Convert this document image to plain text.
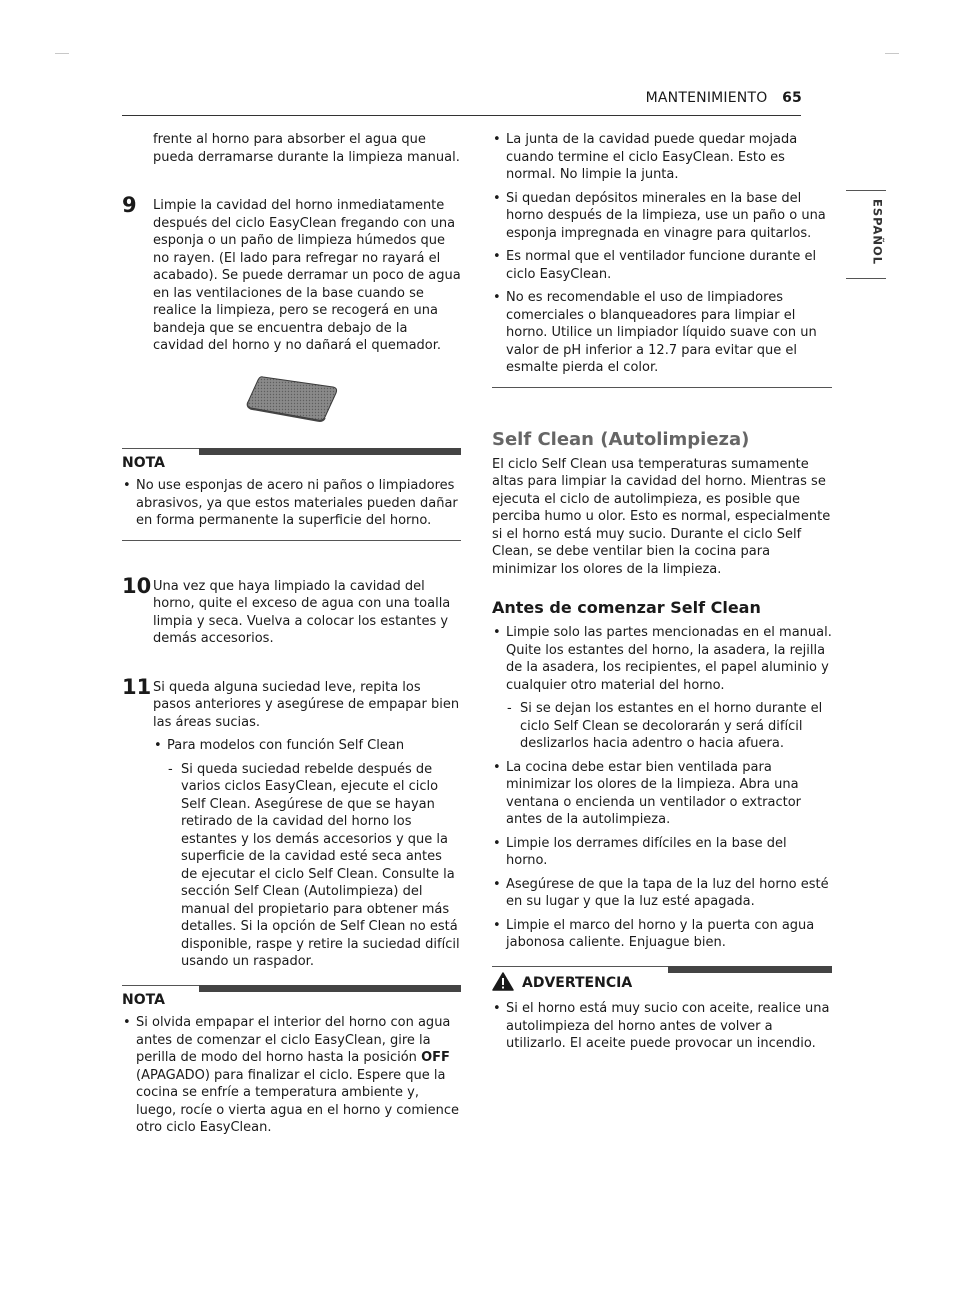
MANTENIMIENTO 65
ESPAÑOL

frente al horno para absorber el agua que pueda derramarse durante la limpieza manual.

9 Limpie la cavidad del horno inmediatamente después del ciclo EasyClean fregando con una esponja o un paño de limpieza húmedos que no rayen. (El lado para refregar no rayará el acabado). Se puede derramar un poco de agua en las ventilaciones de la base cuando se realice la limpieza, pero se recogerá en una bandeja que se encuentra debajo de la cavidad del horno y no dañará el quemador.

NOTA
• No use esponjas de acero ni paños o limpiadores abrasivos, ya que estos materiales pueden dañar en forma permanente la superficie del horno.
10 Una vez que haya limpiado la cavidad del horno, quite el exceso de agua con una toalla limpia y seca. Vuelva a colocar los estantes y demás accesorios.

11 Si queda alguna suciedad leve, repita los pasos anteriores y asegúrese de empapar bien las áreas sucias.

• Para modelos con función Self Clean
- Si queda suciedad rebelde después de varios ciclos EasyClean, ejecute el ciclo Self Clean. Asegúrese de que se hayan retirado de la cavidad del horno los estantes y los demás accesorios y que la superficie de la cavidad esté seca antes de ejecutar el ciclo Self Clean. Consulte la sección Self Clean (Autolimpieza) del manual del propietario para obtener más detalles. Si la opción de Self Clean no está disponible, raspe y retire la suciedad difícil usando un raspador.
NOTA
• Si olvida empapar el interior del horno con agua antes de comenzar el ciclo EasyClean, gire la perilla de modo del horno hasta la posición OFF (APAGADO) para finalizar el ciclo. Espere que la cocina se enfríe a temperatura ambiente y, luego, rocíe o vierta agua en el horno y comience otro ciclo EasyClean.
• La junta de la cavidad puede quedar mojada cuando termine el ciclo EasyClean. Esto es normal. No limpie la junta.
• Si quedan depósitos minerales en la base del horno después de la limpieza, use un paño o una esponja impregnada en vinagre para quitarlos.
• Es normal que el ventilador funcione durante el ciclo EasyClean.
• No es recomendable el uso de limpiadores comerciales o blanqueadores para limpiar el horno. Utilice un limpiador líquido suave con un valor de pH inferior a 12.7 para evitar que el esmalte pierda el color.
Self Clean (Autolimpieza)

El ciclo Self Clean usa temperaturas sumamente altas para limpiar la cavidad del horno. Mientras se ejecuta el ciclo de autolimpieza, es posible que perciba humo u olor. Esto es normal, especialmente si el horno está muy sucio. Durante el ciclo Self Clean, se debe ventilar bien la cocina para minimizar los olores de la limpieza.

Antes de comenzar Self Clean
• Limpie solo las partes mencionadas en el manual. Quite los estantes del horno, la asadera, la rejilla de la asadera, los recipientes, el papel aluminio y cualquier otro material del horno.
- Si se dejan los estantes en el horno durante el ciclo Self Clean se decolorarán y será difícil deslizarlos hacia adentro o hacia afuera.
• La cocina debe estar bien ventilada para minimizar los olores de la limpieza. Abra una ventana o encienda un ventilador o extractor antes de la autolimpieza.
• Limpie los derrames difíciles en la base del horno.
• Asegúrese de que la tapa de la luz del horno esté en su lugar y que la luz esté apagada.
• Limpie el marco del horno y la puerta con agua jabonosa caliente. Enjuague bien.
ADVERTENCIA
• Si el horno está muy sucio con aceite, realice una autolimpieza del horno antes de volver a utilizarlo. El aceite puede provocar un incendio.
